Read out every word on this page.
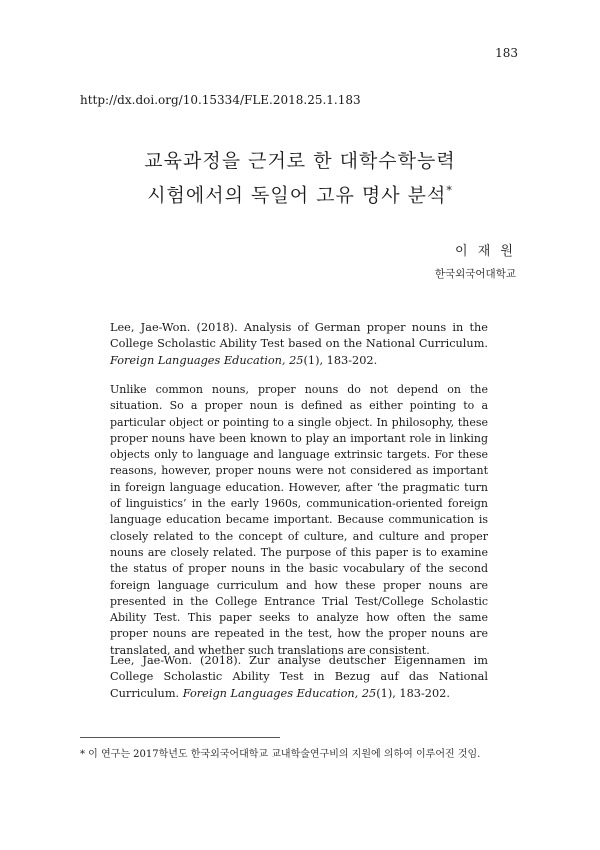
183
http://dx.doi.org/10.15334/FLE.2018.25.1.183
교육과정을 근거로 한 대학수학능력
시험에서의 독일어 고유 명사 분석*
이 재 원
한국외국어대학교
Lee, Jae-Won. (2018). Analysis of German proper nouns in the College Scholastic Ability Test based on the National Curriculum. Foreign Languages Education, 25(1), 183-202.
Unlike common nouns, proper nouns do not depend on the situation. So a proper noun is defined as either pointing to a particular object or pointing to a single object. In philosophy, these proper nouns have been known to play an important role in linking objects only to language and language extrinsic targets. For these reasons, however, proper nouns were not considered as important in foreign language education. However, after ‘the pragmatic turn of linguistics’ in the early 1960s, communication-oriented foreign language education became important. Because communication is closely related to the concept of culture, and culture and proper nouns are closely related. The purpose of this paper is to examine the status of proper nouns in the basic vocabulary of the second foreign language curriculum and how these proper nouns are presented in the College Entrance Trial Test/College Scholastic Ability Test. This paper seeks to analyze how often the same proper nouns are repeated in the test, how the proper nouns are translated, and whether such translations are consistent.
Lee, Jae-Won. (2018). Zur analyse deutscher Eigennamen im College Scholastic Ability Test in Bezug auf das National Curriculum. Foreign Languages Education, 25(1), 183-202.
* 이 연구는 2017학년도 한국외국어대학교 교내학술연구비의 지원에 의하여 이루어진 것임.
